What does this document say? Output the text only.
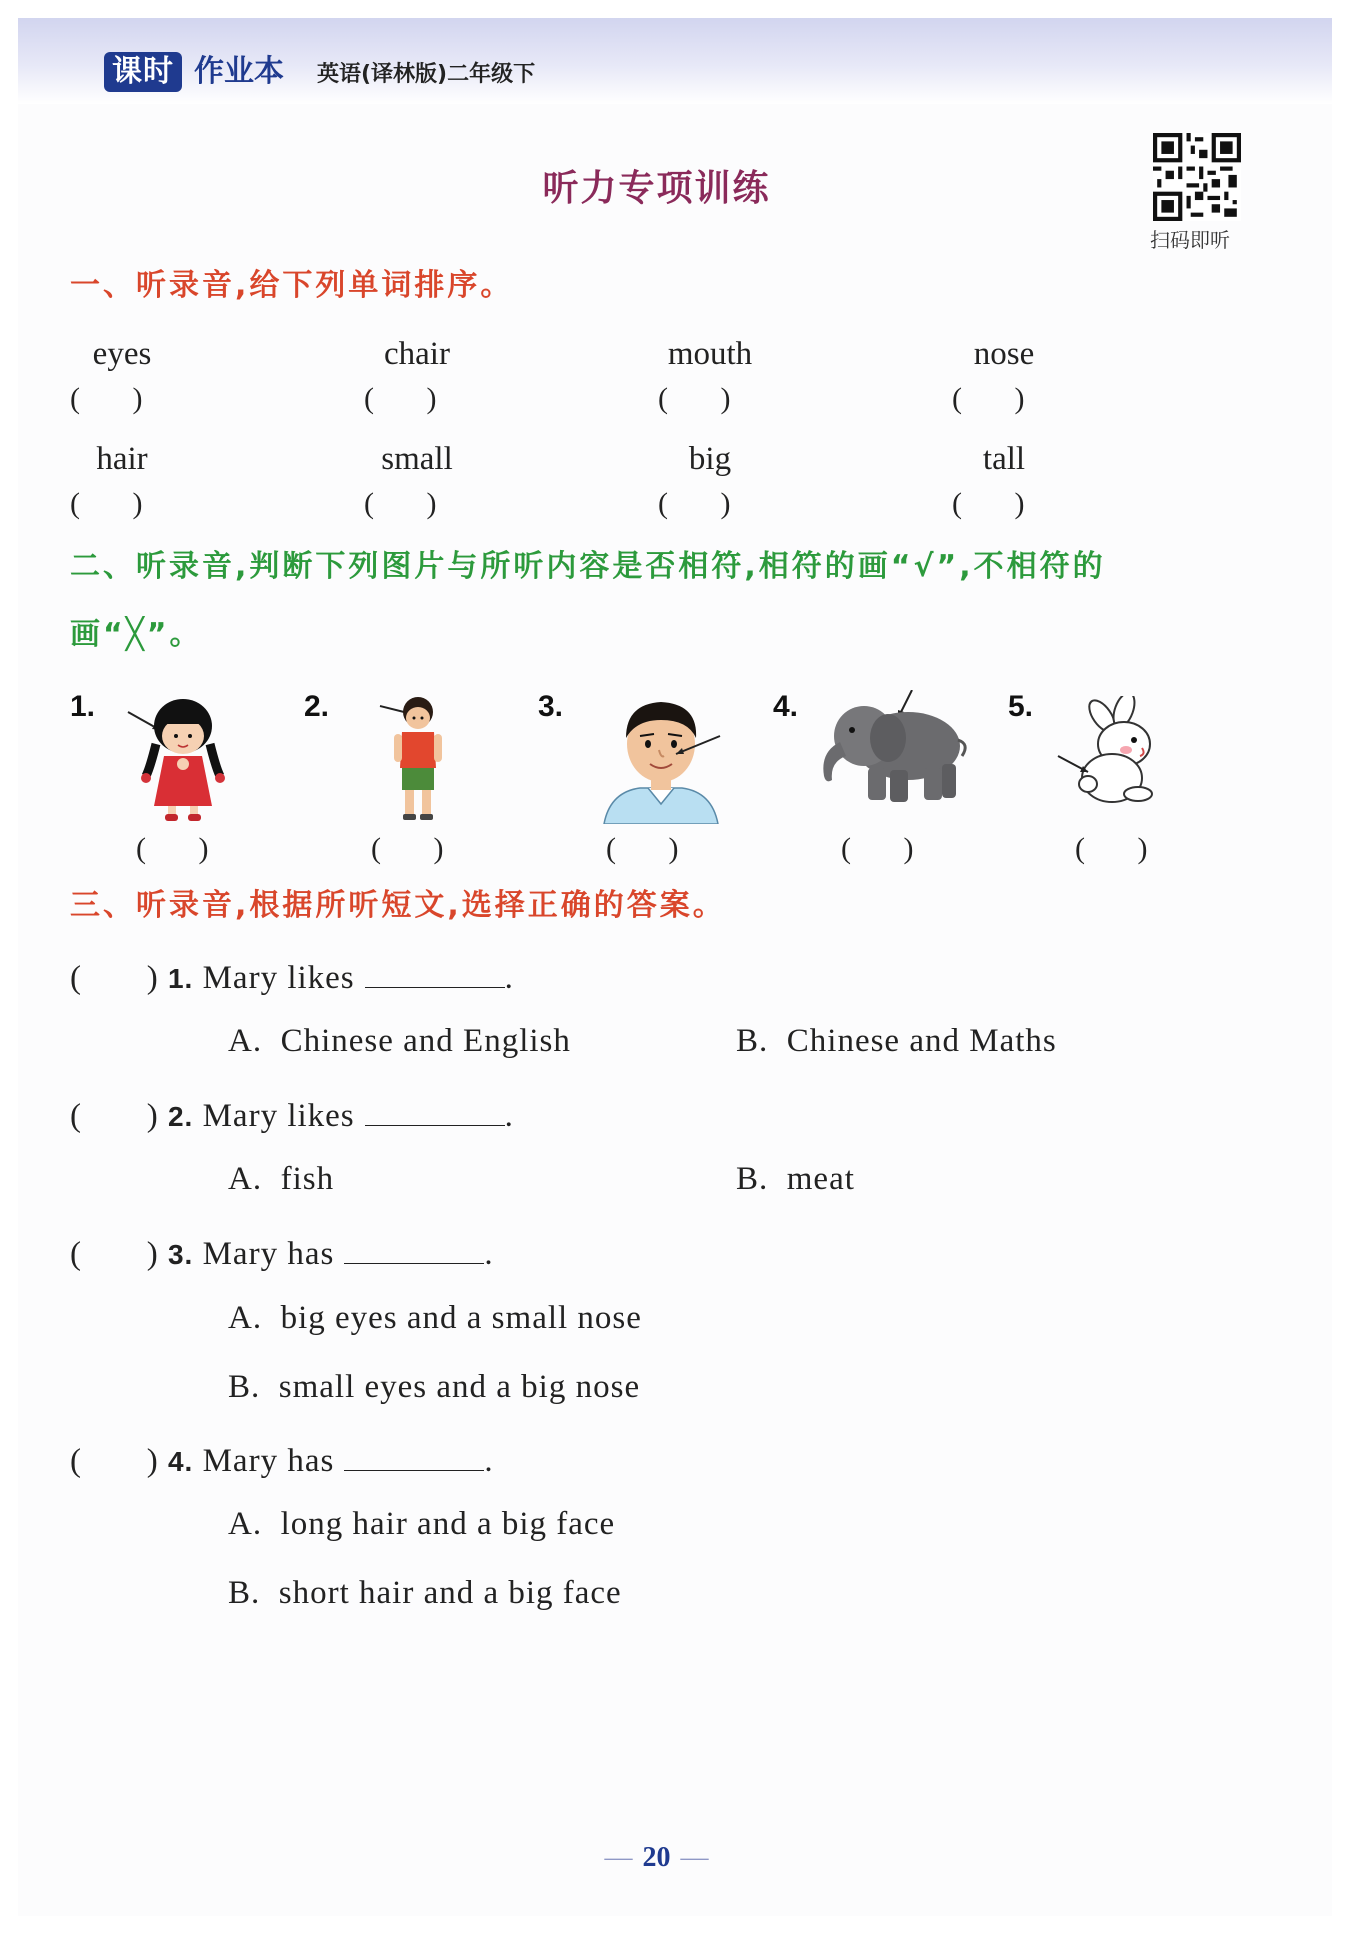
课时 作业本 英语(译林版)二年级下
听力专项训练
扫码即听
一、听录音,给下列单词排序。
eyes	chair	mouth	nose
(       )	(       )	(       )	(       )
hair	small	big	tall
(       )	(       )	(       )	(       )
二、听录音,判断下列图片与所听内容是否相符,相符的画“√”,不相符的
画“╳”。
1.	2.	3.	4.	5.
(       )	(       )	(       )	(       )	(       )
三、听录音,根据所听短文,选择正确的答案。
(       ) 1. Mary likes	.
A.  Chinese and English	B.  Chinese and Maths
(       ) 2. Mary likes	.
A.  fish	B.  meat
(       ) 3. Mary has	.
A.  big eyes and a small nose
B.  small eyes and a big nose
(       ) 4. Mary has	.
A.  long hair and a big face
B.  short hair and a big face
— 20 —
